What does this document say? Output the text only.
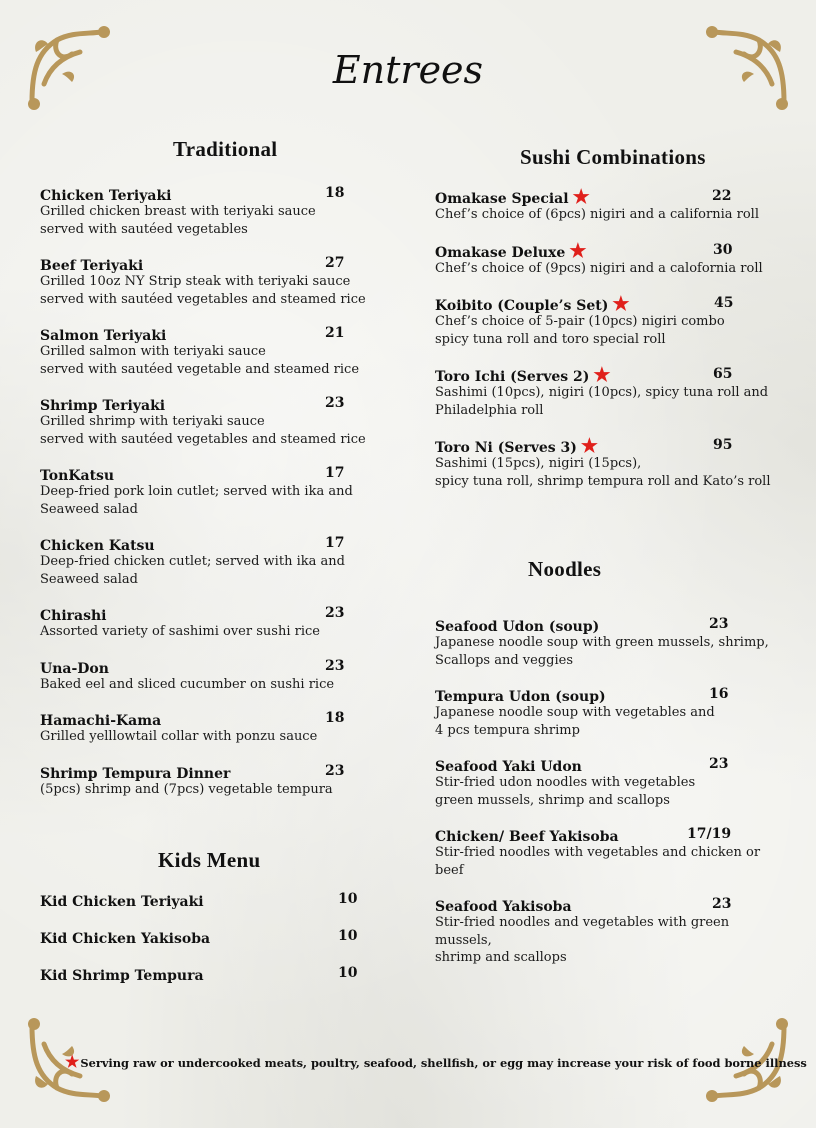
Entrees
Traditional
Chicken Teriyaki	18
Grilled chicken breast with teriyaki sauce
served with sautéed vegetables
Beef Teriyaki	27
Grilled 10oz NY Strip steak with teriyaki sauce
served with sautéed vegetables and steamed rice
Salmon Teriyaki	21
Grilled salmon with teriyaki sauce
served with sautéed vegetable and steamed rice
Shrimp Teriyaki	23
Grilled shrimp with teriyaki sauce
served with sautéed vegetables and steamed rice
TonKatsu	17
Deep-fried pork loin cutlet; served with ika and
Seaweed salad
Chicken Katsu	17
Deep-fried chicken cutlet; served with ika and
Seaweed salad
Chirashi	23
Assorted variety of sashimi over sushi rice
Una-Don	23
Baked eel and sliced cucumber on sushi rice
Hamachi-Kama	18
Grilled yelllowtail collar with ponzu sauce
Shrimp Tempura Dinner	23
(5pcs) shrimp and (7pcs) vegetable tempura
Kids Menu
Kid Chicken Teriyaki	10
Kid Chicken Yakisoba	10
Kid Shrimp Tempura	10
Sushi Combinations
Omakase Special ★	22
Chef’s choice of (6pcs) nigiri and a california roll
Omakase Deluxe ★	30
Chef’s choice of (9pcs) nigiri and a calofornia roll
Koibito (Couple’s Set) ★	45
Chef’s choice of 5-pair (10pcs) nigiri combo
spicy tuna roll and toro special roll
Toro Ichi (Serves 2) ★	65
Sashimi (10pcs), nigiri (10pcs), spicy tuna roll and
Philadelphia roll
Toro Ni (Serves 3) ★	95
Sashimi (15pcs), nigiri (15pcs),
spicy tuna roll, shrimp tempura roll and Kato’s roll
Noodles
Seafood Udon (soup)	23
Japanese noodle soup with green mussels, shrimp,
Scallops and veggies
Tempura Udon (soup)	16
Japanese noodle soup with vegetables and
4 pcs tempura shrimp
Seafood Yaki Udon	23
Stir-fried udon noodles with vegetables
green mussels, shrimp and scallops
Chicken/ Beef Yakisoba	17/19
Stir-fried noodles with vegetables and chicken or beef
Seafood Yakisoba	23
Stir-fried noodles and vegetables with green mussels,
shrimp and scallops
★Serving raw or undercooked meats, poultry, seafood, shellfish, or egg may increase your risk of food borne illness
